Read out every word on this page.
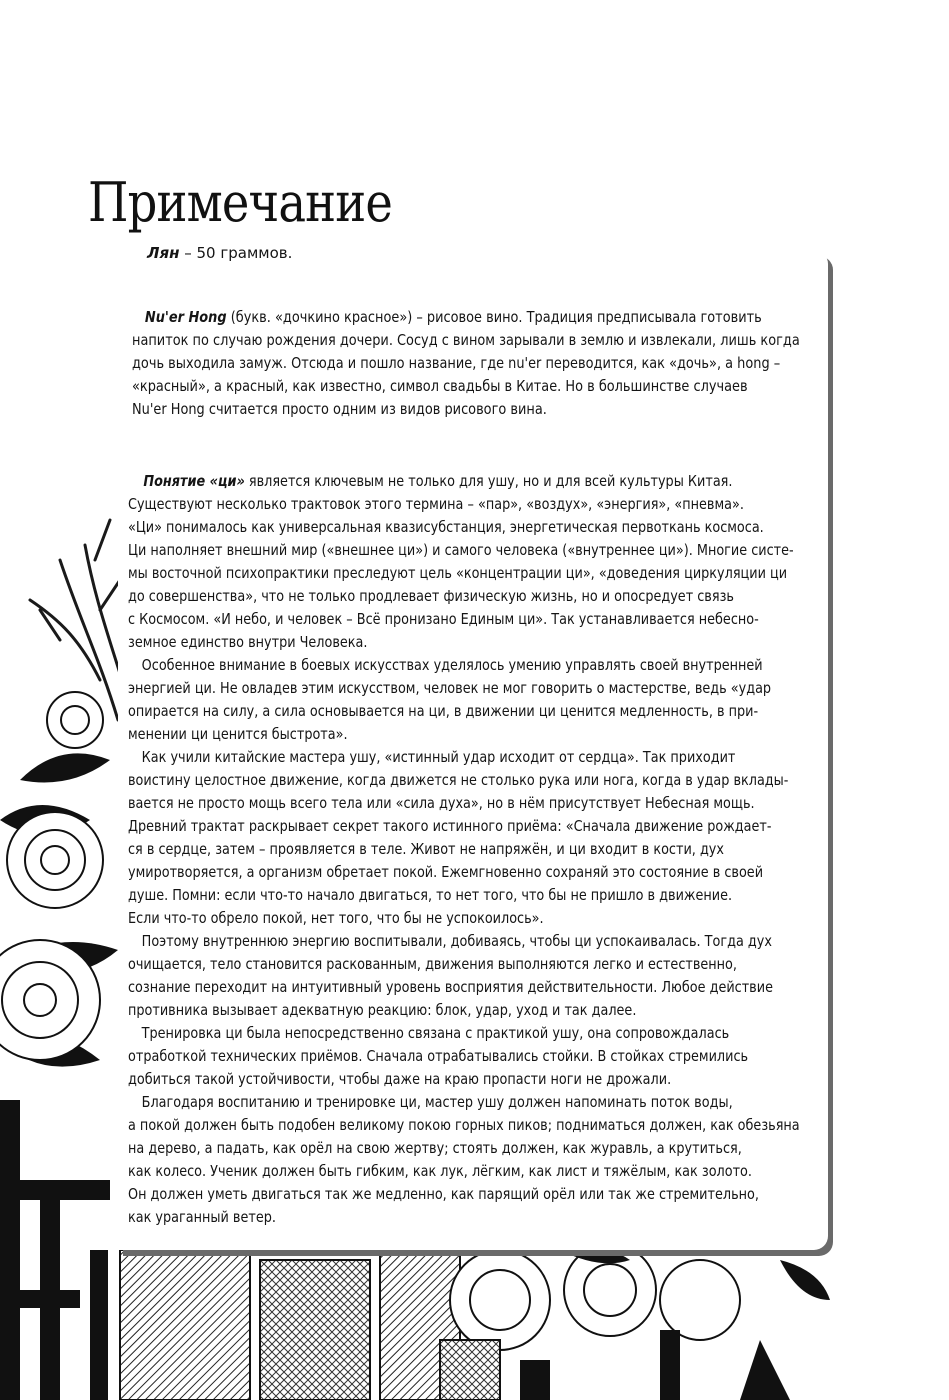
Примечание
Лян – 50 граммов.
Nu'er Hong (букв. «дочкино красное») – рисовое вино. Традиция предписывала готовить
напиток по случаю рождения дочери. Сосуд с вином зарывали в землю и извлекали, лишь когда
дочь выходила замуж. Отсюда и пошло название, где nu'er переводится, как «дочь», а hong –
«красный», а красный, как известно, символ свадьбы в Китае. Но в большинстве случаев
Nu'er Hong считается просто одним из видов рисового вина.
Понятие «ци» является ключевым не только для ушу, но и для всей культуры Китая.
Существуют несколько трактовок этого термина – «пар», «воздух», «энергия», «пневма».
«Ци» понималось как универсальная квазисубстанция, энергетическая первоткань космоса.
Ци наполняет внешний мир («внешнее ци») и самого человека («внутреннее ци»). Многие систе-
мы восточной психопрактики преследуют цель «концентрации ци», «доведения циркуляции ци
до совершенства», что не только продлевает физическую жизнь, но и опосредует связь
с Космосом. «И небо, и человек – Всё пронизано Единым ци». Так устанавливается небесно-
земное единство внутри Человека.
Особенное внимание в боевых искусствах уделялось умению управлять своей внутренней
энергией ци. Не овладев этим искусством, человек не мог говорить о мастерстве, ведь «удар
опирается на силу, а сила основывается на ци, в движении ци ценится медленность, в при-
менении ци ценится быстрота».
Как учили китайские мастера ушу, «истинный удар исходит от сердца». Так приходит
воистину целостное движение, когда движется не столько рука или нога, когда в удар вклады-
вается не просто мощь всего тела или «сила духа», но в нём присутствует Небесная мощь.
Древний трактат раскрывает секрет такого истинного приёма: «Сначала движение рождает-
ся в сердце, затем – проявляется в теле. Живот не напряжён, и ци входит в кости, дух
умиротворяется, а организм обретает покой. Ежемгновенно сохраняй это состояние в своей
душе. Помни: если что-то начало двигаться, то нет того, что бы не пришло в движение.
Если что-то обрело покой, нет того, что бы не успокоилось».
Поэтому внутреннюю энергию воспитывали, добиваясь, чтобы ци успокаивалась. Тогда дух
очищается, тело становится раскованным, движения выполняются легко и естественно,
сознание переходит на интуитивный уровень восприятия действительности. Любое действие
противника вызывает адекватную реакцию: блок, удар, уход и так далее.
Тренировка ци была непосредственно связана с практикой ушу, она сопровождалась
отработкой технических приёмов. Сначала отрабатывались стойки. В стойках стремились
добиться такой устойчивости, чтобы даже на краю пропасти ноги не дрожали.
Благодаря воспитанию и тренировке ци, мастер ушу должен напоминать поток воды,
а покой должен быть подобен великому покою горных пиков; подниматься должен, как обезьяна
на дерево, а падать, как орёл на свою жертву; стоять должен, как журавль, а крутиться,
как колесо. Ученик должен быть гибким, как лук, лёгким, как лист и тяжёлым, как золото.
Он должен уметь двигаться так же медленно, как парящий орёл или так же стремительно,
как ураганный ветер.
